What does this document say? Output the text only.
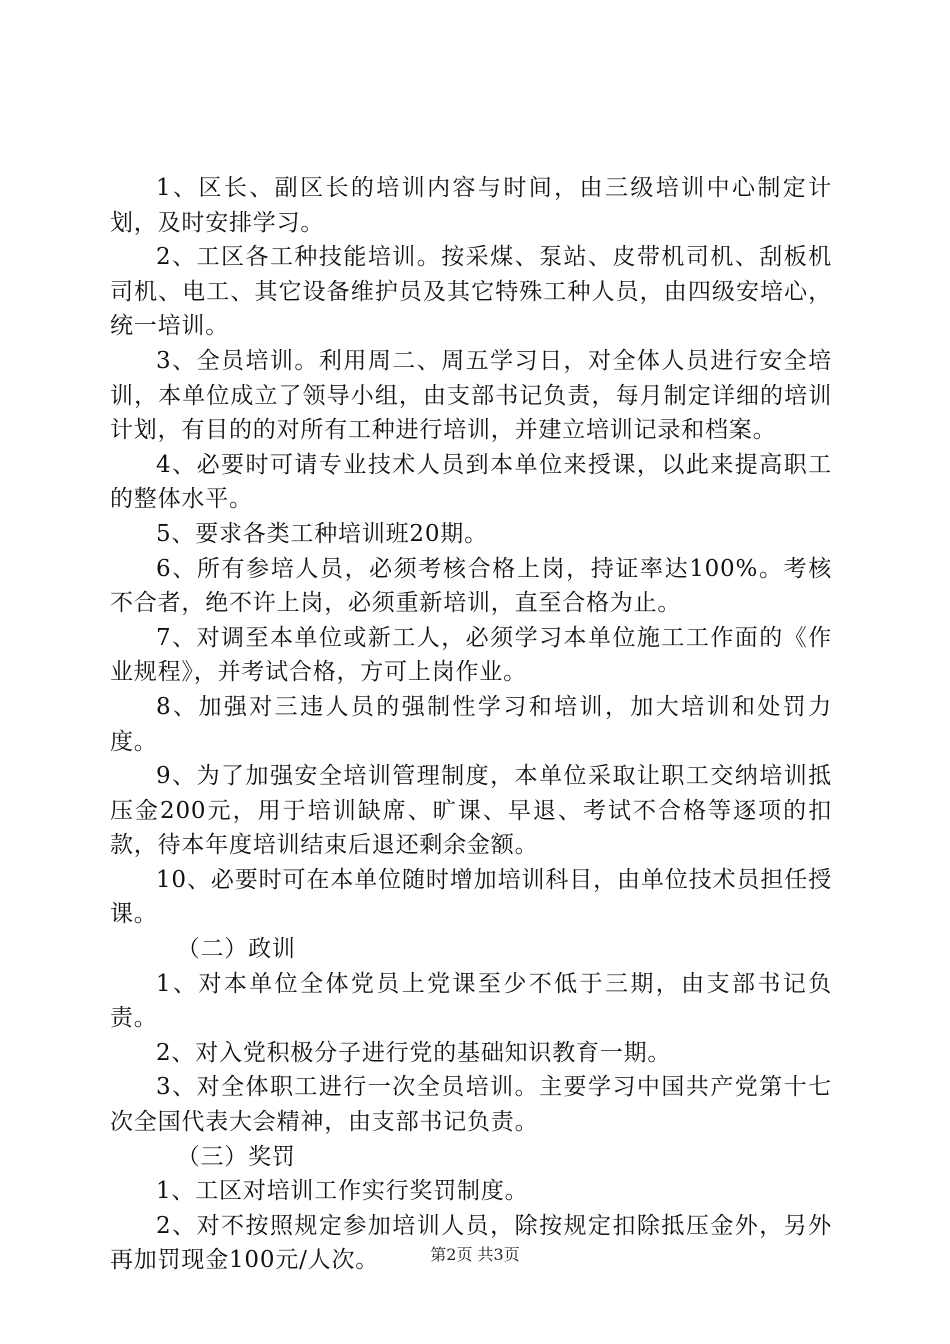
1、区长、副区长的培训内容与时间，由三级培训中心制定计划，及时安排学习。

2、工区各工种技能培训。按采煤、泵站、皮带机司机、刮板机司机、电工、其它设备维护员及其它特殊工种人员，由四级安培心，统一培训。

3、全员培训。利用周二、周五学习日，对全体人员进行安全培训，本单位成立了领导小组，由支部书记负责，每月制定详细的培训计划，有目的的对所有工种进行培训，并建立培训记录和档案。

4、必要时可请专业技术人员到本单位来授课，以此来提高职工的整体水平。

5、要求各类工种培训班20期。

6、所有参培人员，必须考核合格上岗，持证率达100%。考核不合者，绝不许上岗，必须重新培训，直至合格为止。

7、对调至本单位或新工人，必须学习本单位施工工作面的《作业规程》，并考试合格，方可上岗作业。

8、加强对三违人员的强制性学习和培训，加大培训和处罚力度。

9、为了加强安全培训管理制度，本单位采取让职工交纳培训抵压金200元，用于培训缺席、旷课、早退、考试不合格等逐项的扣款，待本年度培训结束后退还剩余金额。

10、必要时可在本单位随时增加培训科目，由单位技术员担任授课。

（二）政训

1、对本单位全体党员上党课至少不低于三期，由支部书记负责。

2、对入党积极分子进行党的基础知识教育一期。

3、对全体职工进行一次全员培训。主要学习中国共产党第十七次全国代表大会精神，由支部书记负责。

（三）奖罚

1、工区对培训工作实行奖罚制度。

2、对不按照规定参加培训人员，除按规定扣除抵压金外，另外再加罚现金100元/人次。	第2页 共3页
